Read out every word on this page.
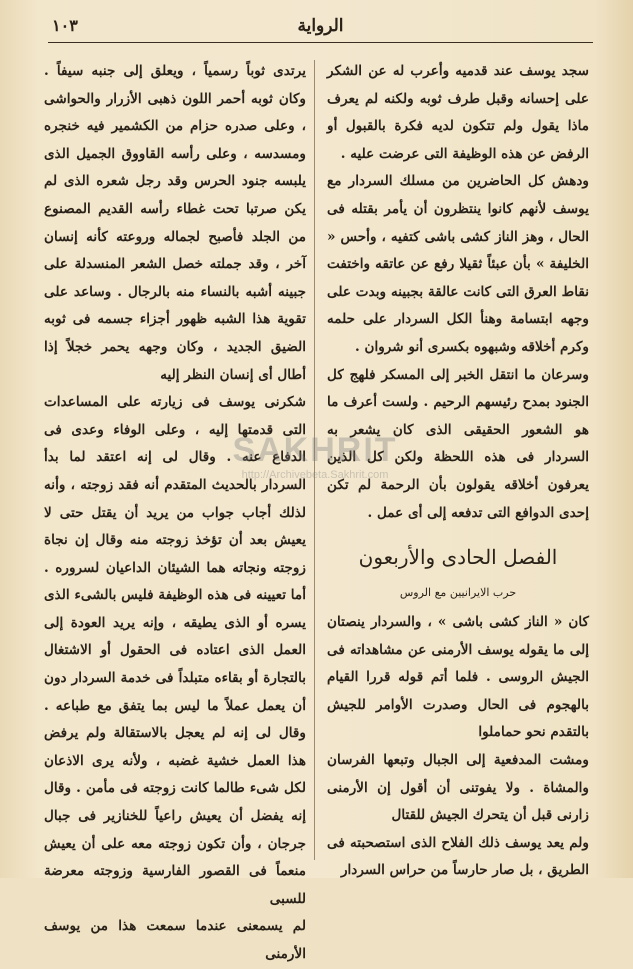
الرواية
١٠٣

سجد يوسف عند قدميه وأعرب له عن الشكر على إحسانه وقبل طرف ثوبه ولكنه لم يعرف ماذا يقول ولم تتكون لديه فكرة بالقبول أو الرفض عن هذه الوظيفة التى عرضت عليه .

ودهش كل الحاضرين من مسلك السردار مع يوسف لأنهم كانوا ينتظرون أن يأمر بقتله فى الحال ، وهز الناز كشى باشى كتفيه ، وأحس « الخليفة » بأن عبئاً ثقيلا رفع عن عاتقه واختفت نقاط العرق التى كانت عالقة بجبينه وبدت على وجهه ابتسامة وهنأ الكل السردار على حلمه وكرم أخلاقه وشبهوه بكسرى أنو شروان .

وسرعان ما انتقل الخبر إلى المسكر فلهج كل الجنود بمدح رئيسهم الرحيم . ولست أعرف ما هو الشعور الحقيقى الذى كان يشعر به السردار فى هذه اللحظة ولكن كل الذين يعرفون أخلاقه يقولون بأن الرحمة لم تكن إحدى الدوافع التى تدفعه إلى أى عمل .

الفصل الحادى والأربعون
حرب الايرانيين مع الروس

كان « الناز كشى باشى » ، والسردار ينصتان إلى ما يقوله يوسف الأرمنى عن مشاهداته فى الجيش الروسى . فلما أتم قوله قررا القيام بالهجوم فى الحال وصدرت الأوامر للجيش بالتقدم نحو حماملوا

ومشت المدفعية إلى الجبال وتبعها الفرسان والمشاة . ولا يفوتنى أن أقول إن الأرمنى زارنى قبل أن يتحرك الجيش للقتال

ولم يعد يوسف ذلك الفلاح الذى استصحبته فى الطريق ، بل صار حارساً من حراس السردار

يرتدى ثوباً رسمياً ، ويعلق إلى جنبه سيفاً . وكان ثوبه أحمر اللون ذهبى الأزرار والحواشى ، وعلى صدره حزام من الكشمير فيه خنجره ومسدسه ، وعلى رأسه القاووق الجميل الذى يلبسه جنود الحرس وقد رجل شعره الذى لم يكن صرتبا تحت غطاء رأسه القديم المصنوع من الجلد فأصبح لجماله وروعته كأنه إنسان آخر ، وقد جملته خصل الشعر المنسدلة على جبينه أشبه بالنساء منه بالرجال . وساعد على تقوية هذا الشبه ظهور أجزاء جسمه فى ثوبه الضيق الجديد ، وكان وجهه يحمر خجلاً إذا أطال أى إنسان النظر إليه

شكرنى يوسف فى زيارته على المساعدات التى قدمتها إليه ، وعلى الوفاء وعدى فى الدفاع عنه . وقال لى إنه اعتقد لما بدأ السردار بالحديث المتقدم أنه فقد زوجته ، وأنه لذلك أجاب جواب من يريد أن يقتل حتى لا يعيش بعد أن تؤخذ زوجته منه وقال إن نجاة زوجته ونجاته هما الشيئان الداعيان لسروره . أما تعيينه فى هذه الوظيفة فليس بالشىء الذى يسره أو الذى يطيقه ، وإنه يريد العودة إلى العمل الذى اعتاده فى الحقول أو الاشتغال بالتجارة أو بقاءه متبلداً فى خدمة السردار دون أن يعمل عملاً ما ليس بما يتفق مع طباعه . وقال لى إنه لم يعجل بالاستقالة ولم يرفض هذا العمل خشية غضبه ، ولأنه يرى الاذعان لكل شىء طالما كانت زوجته فى مأمن . وقال إنه يفضل أن يعيش راعياً للخنازير فى جبال جرجان ، وأن تكون زوجته معه على أن يعيش منعماً فى القصور الفارسية وزوجته معرضة للسبى

لم يسمعنى عندما سمعت هذا من يوسف الأرمنى

SAKHRIT
http://Archivebeta.Sakhrit.com
